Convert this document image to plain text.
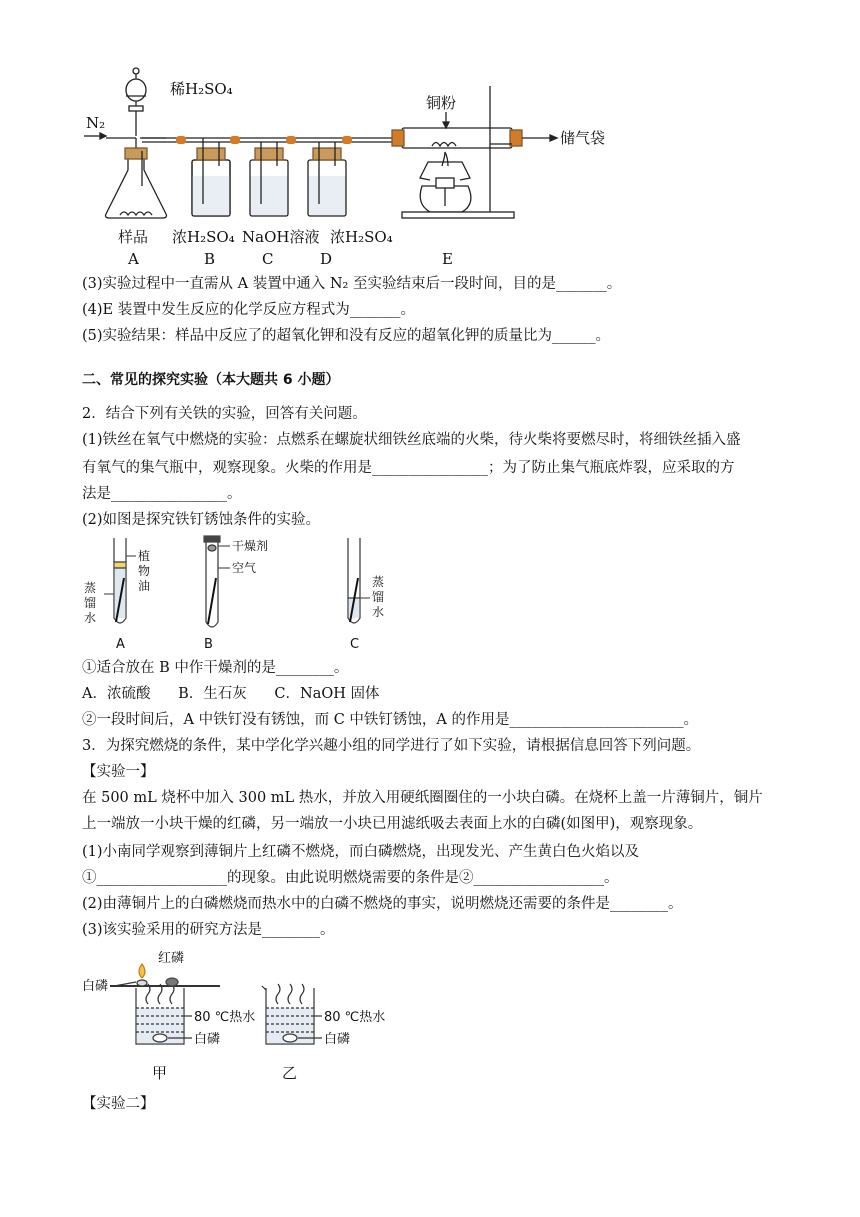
稀H₂SO₄
N₂
铜粉
储气袋
样品 浓H₂SO₄ NaOH溶液 浓H₂SO₄
A	B	C	D	E
(3)实验过程中一直需从 A 装置中通入 N₂ 至实验结束后一段时间，目的是_______。
(4)E 装置中发生反应的化学反应方程式为_______。
(5)实验结果：样品中反应了的超氧化钾和没有反应的超氧化钾的质量比为______。
二、常见的探究实验（本大题共 6 小题）
2．结合下列有关铁的实验，回答有关问题。
(1)铁丝在氧气中燃烧的实验：点燃系在螺旋状细铁丝底端的火柴，待火柴将要燃尽时，将细铁丝插入盛
有氧气的集气瓶中，观察现象。火柴的作用是________________；为了防止集气瓶底炸裂，应采取的方
法是________________。
(2)如图是探究铁钉锈蚀条件的实验。
蒸
馏
水
植
物
油
干燥剂
空气
蒸
馏
水
A	B	C
①适合放在 B 中作干燥剂的是________。
A．浓硫酸      B．生石灰      C．NaOH 固体
②一段时间后，A 中铁钉没有锈蚀，而 C 中铁钉锈蚀，A 的作用是________________________。
3．为探究燃烧的条件，某中学化学兴趣小组的同学进行了如下实验，请根据信息回答下列问题。
【实验一】
在 500 mL 烧杯中加入 300 mL 热水，并放入用硬纸圈圈住的一小块白磷。在烧杯上盖一片薄铜片，铜片
上一端放一小块干燥的红磷，另一端放一小块已用滤纸吸去表面上水的白磷(如图甲)，观察现象。
(1)小南同学观察到薄铜片上红磷不燃烧，而白磷燃烧，出现发光、产生黄白色火焰以及
①__________________的现象。由此说明燃烧需要的条件是②__________________。
(2)由薄铜片上的白磷燃烧而热水中的白磷不燃烧的事实，说明燃烧还需要的条件是________。
(3)该实验采用的研究方法是________。
白磷
红磷
80 ℃热水
白磷
80 ℃热水
白磷
甲	乙
【实验二】
